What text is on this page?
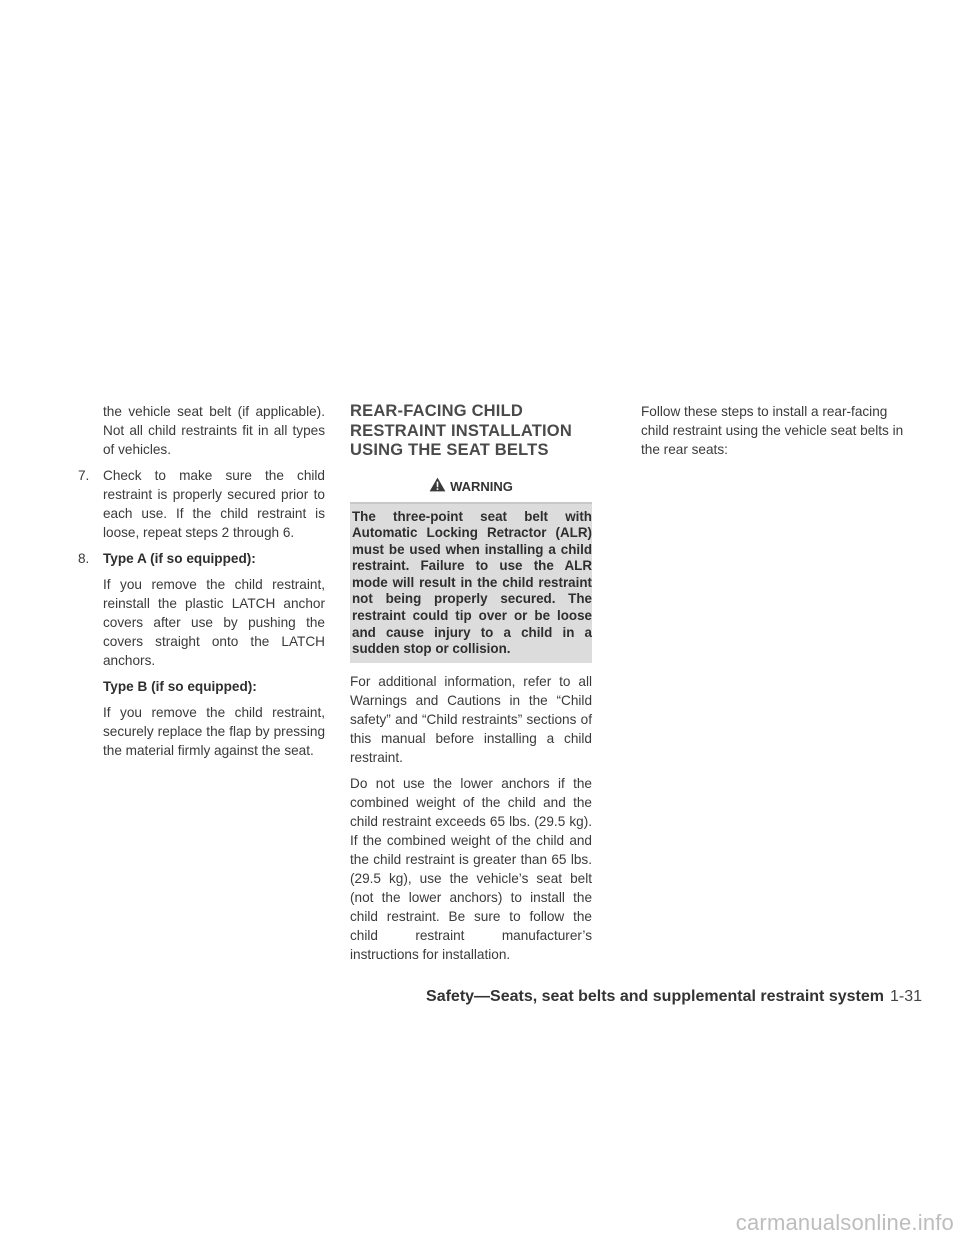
the vehicle seat belt (if applicable). Not all child restraints fit in all types of vehicles.

7. Check to make sure the child restraint is properly secured prior to each use. If the child restraint is loose, repeat steps 2 through 6.

8. Type A (if so equipped):

If you remove the child restraint, reinstall the plastic LATCH anchor covers after use by pushing the covers straight onto the LATCH anchors.

Type B (if so equipped):

If you remove the child restraint, securely replace the flap by pressing the material firmly against the seat.

REAR-FACING CHILD RESTRAINT INSTALLATION USING THE SEAT BELTS
WARNING
The three-point seat belt with Automatic Locking Retractor (ALR) must be used when installing a child restraint. Failure to use the ALR mode will result in the child restraint not being properly secured. The restraint could tip over or be loose and cause injury to a child in a sudden stop or collision.

For additional information, refer to all Warnings and Cautions in the “Child safety” and “Child restraints” sections of this manual before installing a child restraint.

Do not use the lower anchors if the combined weight of the child and the child restraint exceeds 65 lbs. (29.5 kg). If the combined weight of the child and the child restraint is greater than 65 lbs. (29.5 kg), use the vehicle’s seat belt (not the lower anchors) to install the child restraint. Be sure to follow the child restraint manufacturer’s instructions for installation.

Follow these steps to install a rear-facing child restraint using the vehicle seat belts in the rear seats:

Safety—Seats, seat belts and supplemental restraint system 1-31
carmanualsonline.info
